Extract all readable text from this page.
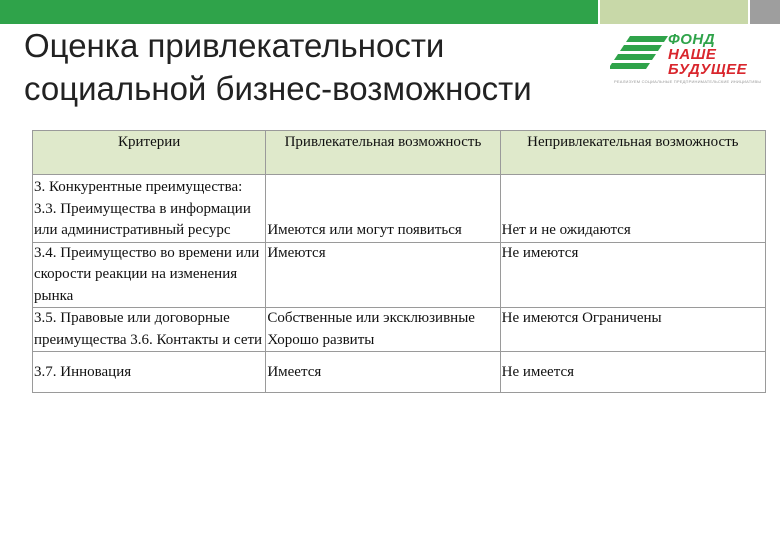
Оценка привлекательности
социальной бизнес-возможности
ФОНД
НАШЕ
БУДУЩЕЕ
РЕАЛИЗУЕМ СОЦИАЛЬНЫЕ ПРЕДПРИНИМАТЕЛЬСКИЕ ИНИЦИАТИВЫ
Критерии	Привлекательная возможность	Непривлекательная возможность
3. Конкурентные преимущества: 3.3. Преимущества в информации или административный ресурс	Имеются или могут появиться	Нет и не ожидаются
3.4. Преимущество во времени или скорости реакции на изменения рынка	Имеются	Не имеются
3.5. Правовые или договорные преимущества 3.6. Контакты и сети	Собственные или эксклюзивные Хорошо развиты	Не имеются Ограничены

3.7. Инновация	Имеется	Не имеется
